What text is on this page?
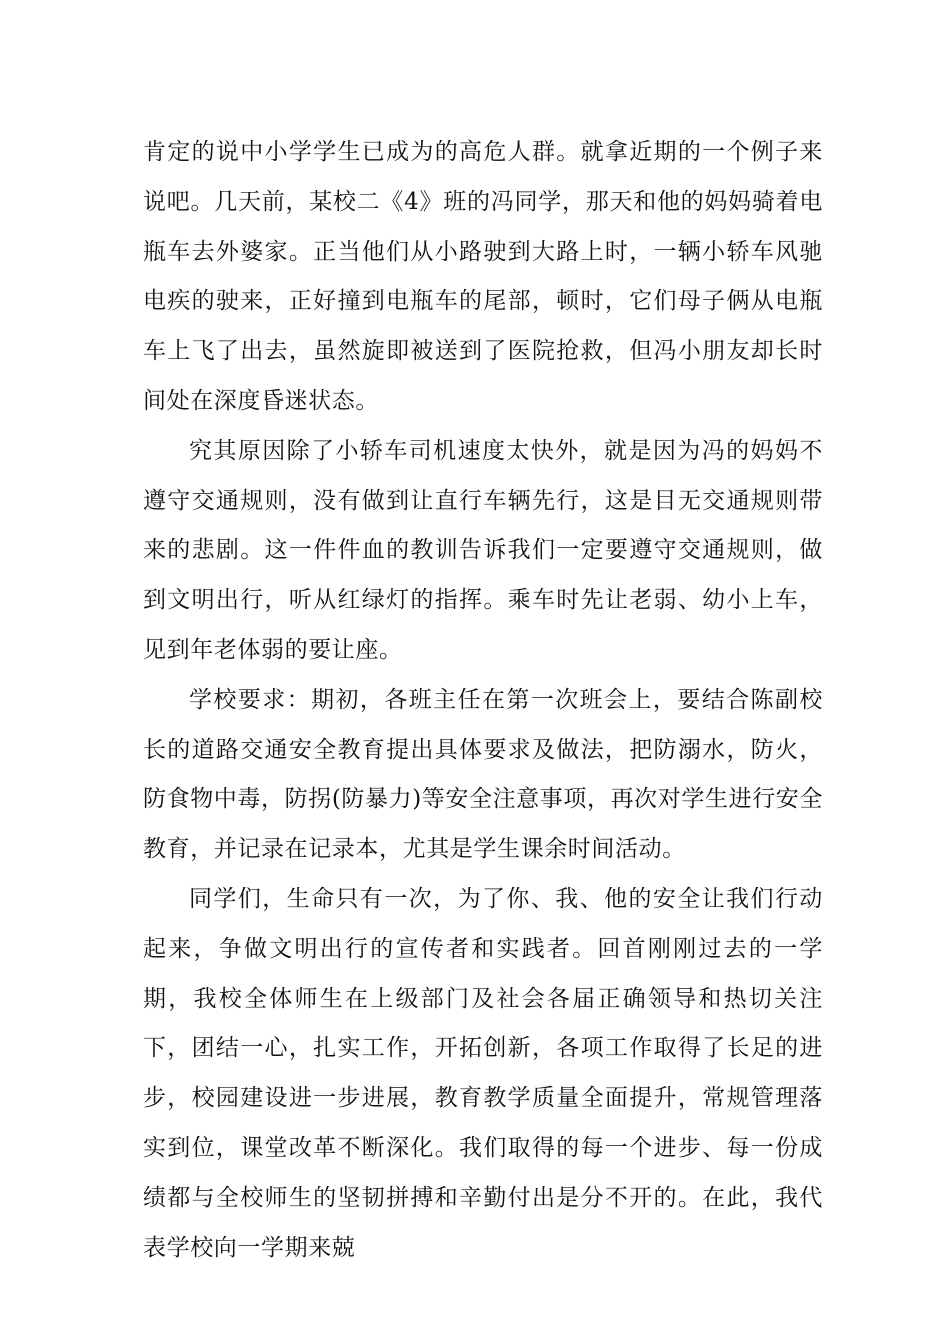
肯定的说中小学学生已成为的高危人群。就拿近期的一个例子来说吧。几天前，某校二《4》班的冯同学，那天和他的妈妈骑着电瓶车去外婆家。正当他们从小路驶到大路上时，一辆小轿车风驰电疾的驶来，正好撞到电瓶车的尾部，顿时，它们母子俩从电瓶车上飞了出去，虽然旋即被送到了医院抢救，但冯小朋友却长时间处在深度昏迷状态。

究其原因除了小轿车司机速度太快外，就是因为冯的妈妈不遵守交通规则，没有做到让直行车辆先行，这是目无交通规则带来的悲剧。这一件件血的教训告诉我们一定要遵守交通规则，做到文明出行，听从红绿灯的指挥。乘车时先让老弱、幼小上车，见到年老体弱的要让座。

学校要求：期初，各班主任在第一次班会上，要结合陈副校长的道路交通安全教育提出具体要求及做法，把防溺水，防火，防食物中毒，防拐(防暴力)等安全注意事项，再次对学生进行安全教育，并记录在记录本，尤其是学生课余时间活动。

同学们，生命只有一次，为了你、我、他的安全让我们行动起来，争做文明出行的宣传者和实践者。回首刚刚过去的一学期，我校全体师生在上级部门及社会各届正确领导和热切关注下，团结一心，扎实工作，开拓创新，各项工作取得了长足的进步，校园建设进一步进展，教育教学质量全面提升，常规管理落实到位，课堂改革不断深化。我们取得的每一个进步、每一份成绩都与全校师生的坚韧拼搏和辛勤付出是分不开的。在此，我代表学校向一学期来兢
